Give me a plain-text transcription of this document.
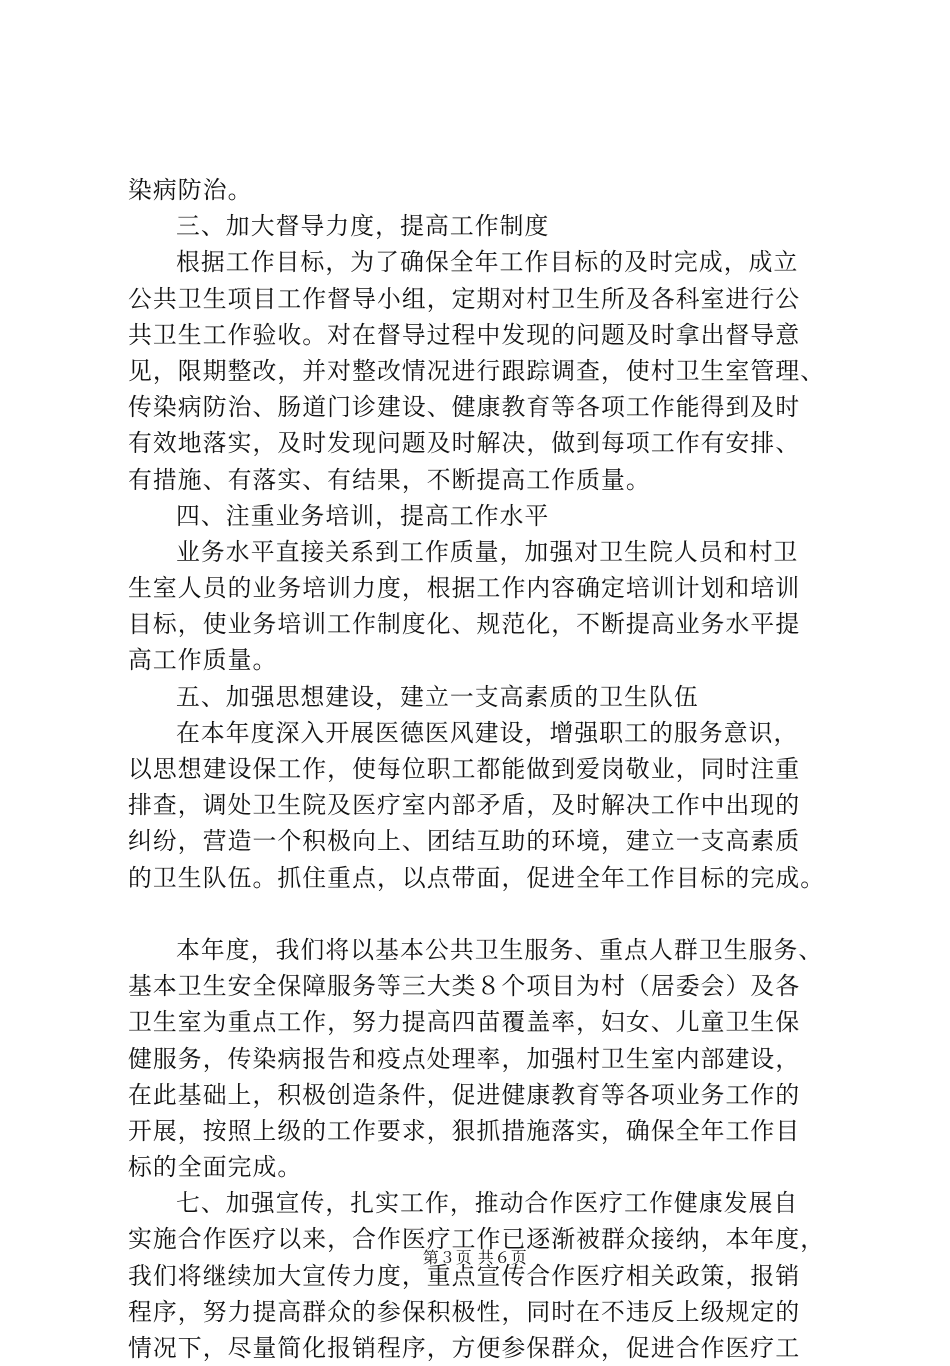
染病防治。
三、加大督导力度，提高工作制度
根据工作目标，为了确保全年工作目标的及时完成，成立
公共卫生项目工作督导小组，定期对村卫生所及各科室进行公
共卫生工作验收。对在督导过程中发现的问题及时拿出督导意
见，限期整改，并对整改情况进行跟踪调查，使村卫生室管理、
传染病防治、肠道门诊建设、健康教育等各项工作能得到及时
有效地落实，及时发现问题及时解决，做到每项工作有安排、
有措施、有落实、有结果，不断提高工作质量。
四、注重业务培训，提高工作水平
业务水平直接关系到工作质量，加强对卫生院人员和村卫
生室人员的业务培训力度，根据工作内容确定培训计划和培训
目标，使业务培训工作制度化、规范化，不断提高业务水平提
高工作质量。
五、加强思想建设，建立一支高素质的卫生队伍
在本年度深入开展医德医风建设，增强职工的服务意识，
以思想建设保工作，使每位职工都能做到爱岗敬业，同时注重
排查，调处卫生院及医疗室内部矛盾，及时解决工作中出现的
纠纷，营造一个积极向上、团结互助的环境，建立一支高素质
的卫生队伍。抓住重点，以点带面，促进全年工作目标的完成。
本年度，我们将以基本公共卫生服务、重点人群卫生服务、
基本卫生安全保障服务等三大类８个项目为村（居委会）及各
卫生室为重点工作，努力提高四苗覆盖率，妇女、儿童卫生保
健服务，传染病报告和疫点处理率，加强村卫生室内部建设，
在此基础上，积极创造条件，促进健康教育等各项业务工作的
开展，按照上级的工作要求，狠抓措施落实，确保全年工作目
标的全面完成。
七、加强宣传，扎实工作，推动合作医疗工作健康发展自
实施合作医疗以来，合作医疗工作已逐渐被群众接纳，本年度，
我们将继续加大宣传力度，重点宣传合作医疗相关政策，报销
程序，努力提高群众的参保积极性，同时在不违反上级规定的
情况下，尽量简化报销程序，方便参保群众，促进合作医疗工
第３页 共６页
